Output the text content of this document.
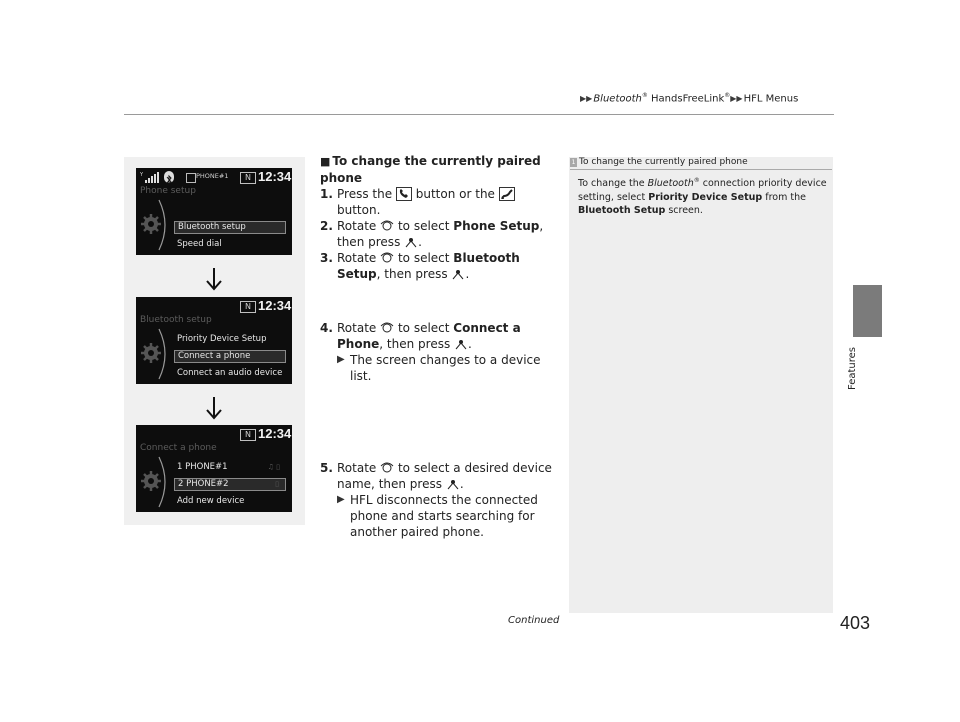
▶▶Bluetooth® HandsFreeLink®▶▶HFL Menus
Features
Y	PHONE#1	N 12:34
Phone setup
Bluetooth setup
Speed dial
N 12:34
Bluetooth setup
Priority Device Setup
Connect a phone
Connect an audio device
N 12:34
Connect a phone
1 PHONE#1	♫ ▯
2 PHONE#2	▯
Add new device
■ To change the currently paired phone
1. Press the button or the
button.
2. Rotate to select Phone Setup, then press .
3. Rotate to select Bluetooth Setup, then press .
4. Rotate to select Connect a Phone, then press .
▶ The screen changes to a device list.
5. Rotate to select a desired device name, then press .
▶ HFL disconnects the connected phone and starts searching for another paired phone.
1 To change the currently paired phone
To change the Bluetooth® connection priority device setting, select Priority Device Setup from the Bluetooth Setup screen.
Continued	403
